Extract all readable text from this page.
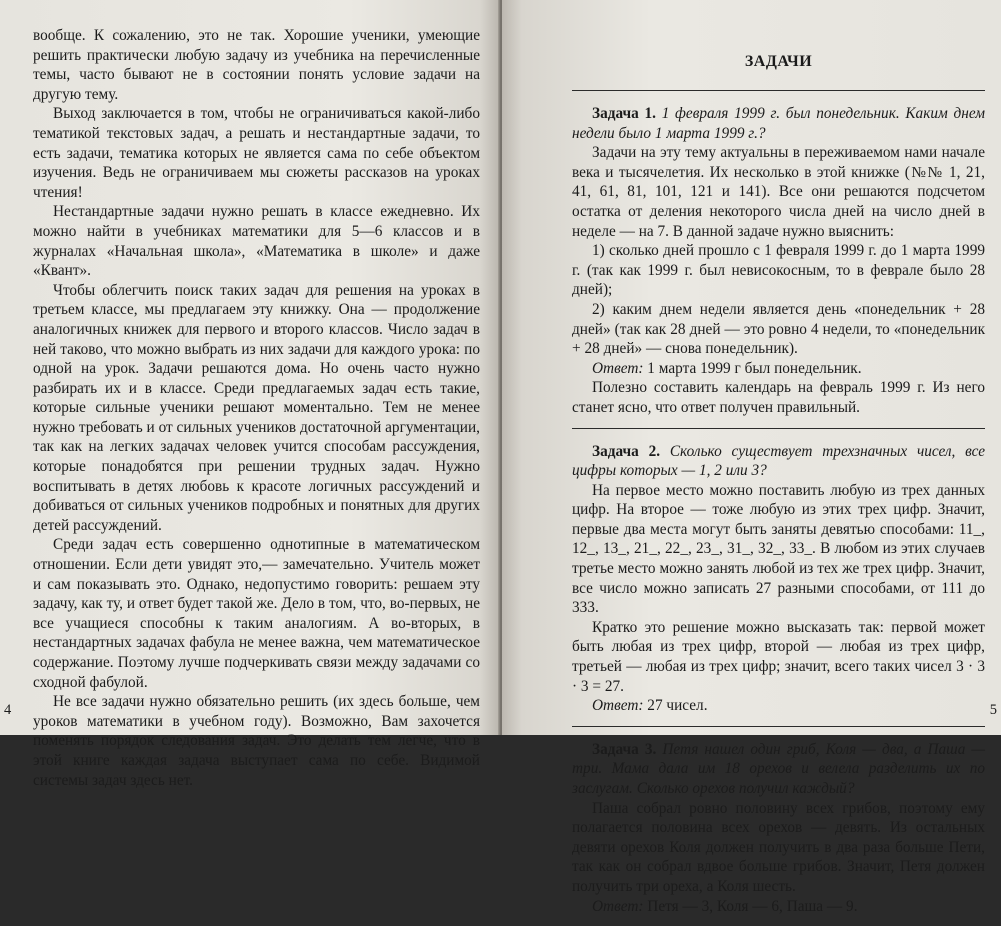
вообще. К сожалению, это не так. Хорошие ученики, умеющие решить практически любую задачу из учебника на перечисленные темы, часто бывают не в состоянии понять условие задачи на другую тему.

Выход заключается в том, чтобы не ограничиваться какой-либо тематикой текстовых задач, а решать и нестандартные задачи, то есть задачи, тематика которых не является сама по себе объектом изучения. Ведь не ограничиваем мы сюжеты рассказов на уроках чтения!

Нестандартные задачи нужно решать в классе ежедневно. Их можно найти в учебниках математики для 5—6 классов и в журналах «Начальная школа», «Математика в школе» и даже «Квант».

Чтобы облегчить поиск таких задач для решения на уроках в третьем классе, мы предлагаем эту книжку. Она — продолжение аналогичных книжек для первого и второго классов. Число задач в ней таково, что можно выбрать из них задачи для каждого урока: по одной на урок. Задачи решаются дома. Но очень часто нужно разбирать их и в классе. Среди предлагаемых задач есть такие, которые сильные ученики решают моментально. Тем не менее нужно требовать и от сильных учеников достаточной аргументации, так как на легких задачах человек учится способам рассуждения, которые понадобятся при решении трудных задач. Нужно воспитывать в детях любовь к красоте логичных рассуждений и добиваться от сильных учеников подробных и понятных для других детей рассуждений.

Среди задач есть совершенно однотипные в математическом отношении. Если дети увидят это,— замечательно. Учитель может и сам показывать это. Однако, недопустимо говорить: решаем эту задачу, как ту, и ответ будет такой же. Дело в том, что, во-первых, не все учащиеся способны к таким аналогиям. А во-вторых, в нестандартных задачах фабула не менее важна, чем математическое содержание. Поэтому лучше подчеркивать связи между задачами со сходной фабулой.

Не все задачи нужно обязательно решить (их здесь больше, чем уроков математики в учебном году). Возможно, Вам захочется поменять порядок следования задач. Это делать тем легче, что в этой книге каждая задача выступает сама по себе. Видимой системы задач здесь нет.

4
ЗАДАЧИ

Задача 1. 1 февраля 1999 г. был понедельник. Каким днем недели было 1 марта 1999 г.?

Задачи на эту тему актуальны в переживаемом нами начале века и тысячелетия. Их несколько в этой книжке (№№ 1, 21, 41, 61, 81, 101, 121 и 141). Все они решаются подсчетом остатка от деления некоторого числа дней на число дней в неделе — на 7. В данной задаче нужно выяснить:

1) сколько дней прошло с 1 февраля 1999 г. до 1 марта 1999 г. (так как 1999 г. был невисокосным, то в феврале было 28 дней);

2) каким днем недели является день «понедельник + 28 дней» (так как 28 дней — это ровно 4 недели, то «понедельник + 28 дней» — снова понедельник).

Ответ: 1 марта 1999 г был понедельник.

Полезно составить календарь на февраль 1999 г. Из него станет ясно, что ответ получен правильный.

Задача 2. Сколько существует трехзначных чисел, все цифры которых — 1, 2 или 3?

На первое место можно поставить любую из трех данных цифр. На второе — тоже любую из этих трех цифр. Значит, первые два места могут быть заняты девятью способами: 11_, 12_, 13_, 21_, 22_, 23_, 31_, 32_, 33_. В любом из этих случаев третье место можно занять любой из тех же трех цифр. Значит, все число можно записать 27 разными способами, от 111 до 333.

Кратко это решение можно высказать так: первой может быть любая из трех цифр, второй — любая из трех цифр, третьей — любая из трех цифр; значит, всего таких чисел 3 · 3 · 3 = 27.

Ответ: 27 чисел.

Задача 3. Петя нашел один гриб, Коля — два, а Паша — три. Мама дала им 18 орехов и велела разделить их по заслугам. Сколько орехов получил каждый?

Паша собрал ровно половину всех грибов, поэтому ему полагается половина всех орехов — девять. Из остальных девяти орехов Коля должен получить в два раза больше Пети, так как он собрал вдвое больше грибов. Значит, Петя должен получить три ореха, а Коля шесть.

Ответ: Петя — 3, Коля — 6, Паша — 9.

5
